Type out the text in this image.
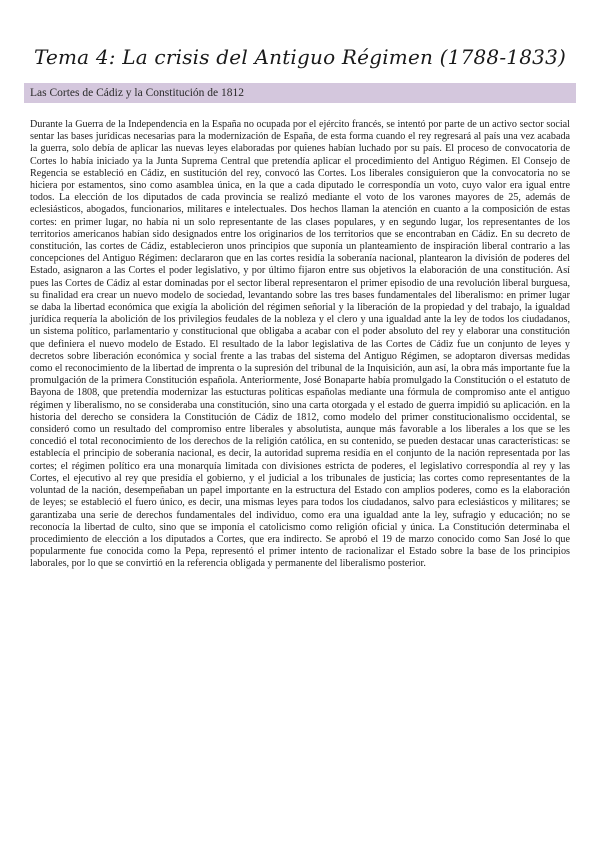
Tema 4: La crisis del Antiguo Régimen (1788-1833)
Las Cortes de Cádiz y la Constitución de 1812

Durante la Guerra de la Independencia en la España no ocupada por el ejército francés, se intentó por parte de un activo sector social sentar las bases jurídicas necesarias para la modernización de España, de esta forma cuando el rey regresará al país una vez acabada la guerra, solo debía de aplicar las nuevas leyes elaboradas por quienes habían luchado por su país. El proceso de convocatoria de Cortes lo había iniciado ya la Junta Suprema Central que pretendía aplicar el procedimiento del Antiguo Régimen. El Consejo de Regencia se estableció en Cádiz, en sustitución del rey, convocó las Cortes. Los liberales consiguieron que la convocatoria no se hiciera por estamentos, sino como asamblea única, en la que a cada diputado le correspondía un voto, cuyo valor era igual entre todos. La elección de los diputados de cada provincia se realizó mediante el voto de los varones mayores de 25, además de eclesiásticos, abogados, funcionarios, militares e intelectuales. Dos hechos llaman la atención en cuanto a la composición de estas cortes: en primer lugar, no había ni un solo representante de las clases populares, y en segundo lugar, los representantes de los territorios americanos habían sido designados entre los originarios de los territorios que se encontraban en Cádiz. En su decreto de constitución, las cortes de Cádiz, establecieron unos principios que suponía un planteamiento de inspiración liberal contrario a las concepciones del Antiguo Régimen: declararon que en las cortes residía la soberanía nacional, plantearon la división de poderes del Estado, asignaron a las Cortes el poder legislativo, y por último fijaron entre sus objetivos la elaboración de una constitución. Así pues las Cortes de Cádiz al estar dominadas por el sector liberal representaron el primer episodio de una revolución liberal burguesa, su finalidad era crear un nuevo modelo de sociedad, levantando sobre las tres bases fundamentales del liberalismo: en primer lugar se daba la libertad económica que exigía la abolición del régimen señorial y la liberación de la propiedad y del trabajo, la igualdad jurídica requería la abolición de los privilegios feudales de la nobleza y el clero y una igualdad ante la ley de todos los ciudadanos, un sistema político, parlamentario y constitucional que obligaba a acabar con el poder absoluto del rey y elaborar una constitución que definiera el nuevo modelo de Estado. El resultado de la labor legislativa de las Cortes de Cádiz fue un conjunto de leyes y decretos sobre liberación económica y social frente a las trabas del sistema del Antiguo Régimen, se adoptaron diversas medidas como el reconocimiento de la libertad de imprenta o la supresión del tribunal de la Inquisición, aun así, la obra más importante fue la promulgación de la primera Constitución española. Anteriormente, José Bonaparte había promulgado la Constitución o el estatuto de Bayona de 1808, que pretendía modernizar las estucturas políticas españolas mediante una fórmula de compromiso ante el antiguo régimen y liberalismo, no se consideraba una constitución, sino una carta otorgada y el estado de guerra impidió su aplicación. en la historia del derecho se considera la Constitución de Cádiz de 1812, como modelo del primer constitucionalismo occidental, se consideró como un resultado del compromiso entre liberales y absolutista, aunque más favorable a los liberales a los que se les concedió el total reconocimiento de los derechos de la religión católica, en su contenido, se pueden destacar unas características: se establecía el principio de soberanía nacional, es decir, la autoridad suprema residía en el conjunto de la nación representada por las cortes; el régimen político era una monarquía limitada con divisiones estricta de poderes, el legislativo correspondía al rey y las Cortes, el ejecutivo al rey que presidía el gobierno, y el judicial a los tribunales de justicia; las cortes como representantes de la voluntad de la nación, desempeñaban un papel importante en la estructura del Estado con amplios poderes, como es la elaboración de leyes; se estableció el fuero único, es decir, una mismas leyes para todos los ciudadanos, salvo para eclesiásticos y militares; se garantizaba una serie de derechos fundamentales del individuo, como era una igualdad ante la ley, sufragio y educación; no se reconocía la libertad de culto, sino que se imponía el catolicismo como religión oficial y única. La Constitución determinaba el procedimiento de elección a los diputados a Cortes, que era indirecto. Se aprobó el 19 de marzo conocido como San José lo que popularmente fue conocida como la Pepa, representó el primer intento de racionalizar el Estado sobre la base de los principios laborales, por lo que se convirtió en la referencia obligada y permanente del liberalismo posterior.
